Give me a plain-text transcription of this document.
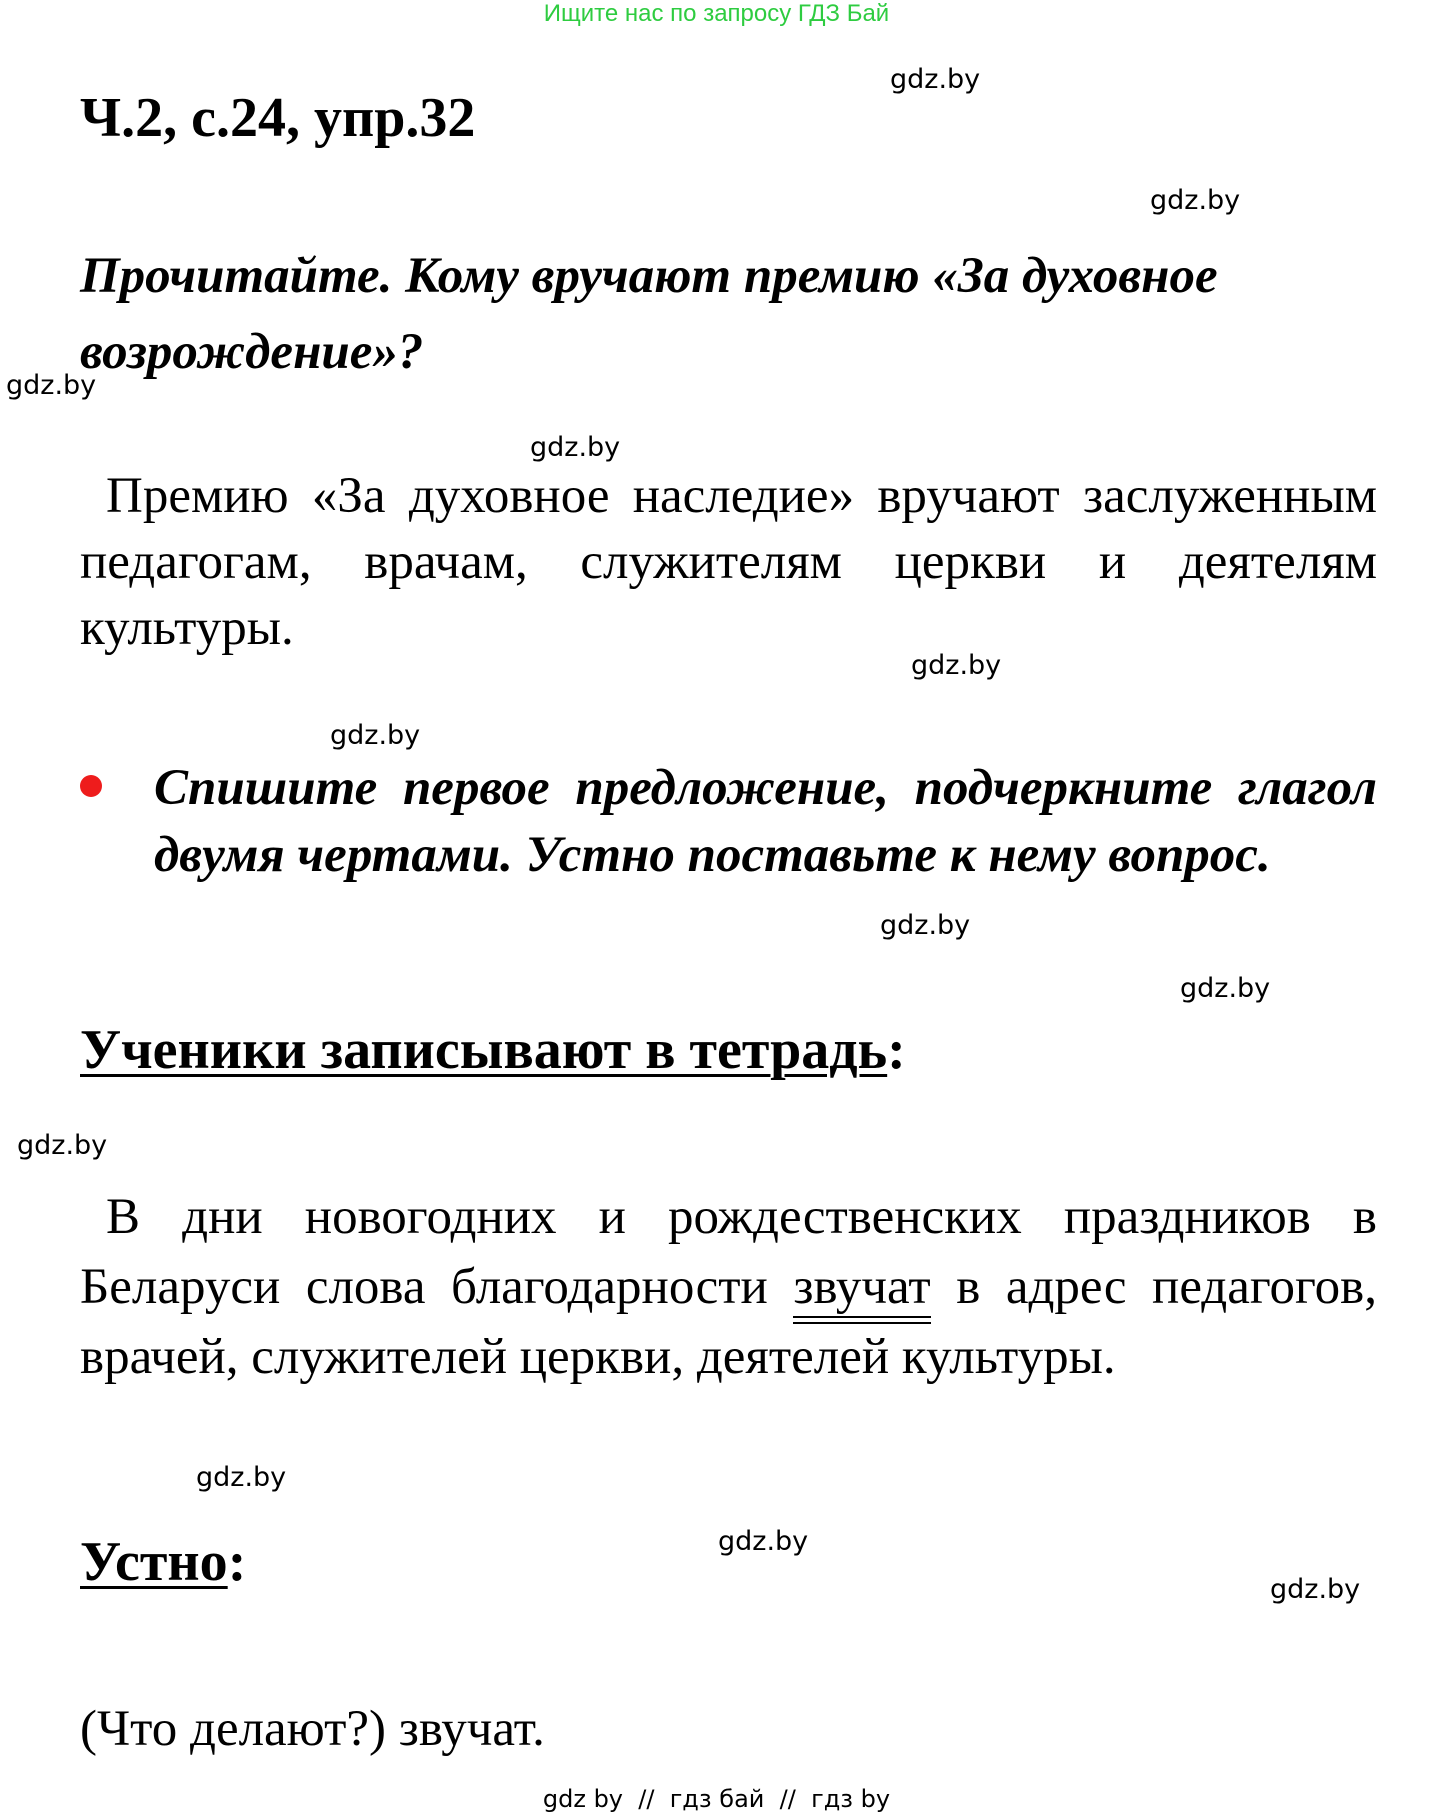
Ищите нас по запросу ГДЗ Бай
gdz.by
gdz.by
gdz.by
gdz.by
gdz.by
gdz.by
gdz.by
gdz.by
gdz.by
gdz.by
gdz.by
gdz.by
Ч.2, с.24, упр.32
Прочитайте. Кому вручают премию «За духовное возрождение»?
Премию «За духовное наследие» вручают заслуженным педагогам, врачам, служителям церкви и деятелям культуры.
Спишите первое предложение, подчеркните глагол двумя чертами. Устно поставьте к нему вопрос.
Ученики записывают в тетрадь:
В дни новогодних и рождественских праздников в Беларуси слова благодарности звучат в адрес педагогов, врачей, служителей церкви, деятелей культуры.
Устно:
(Что делают?) звучат.
gdz by  //  гдз бай  //  гдз by
